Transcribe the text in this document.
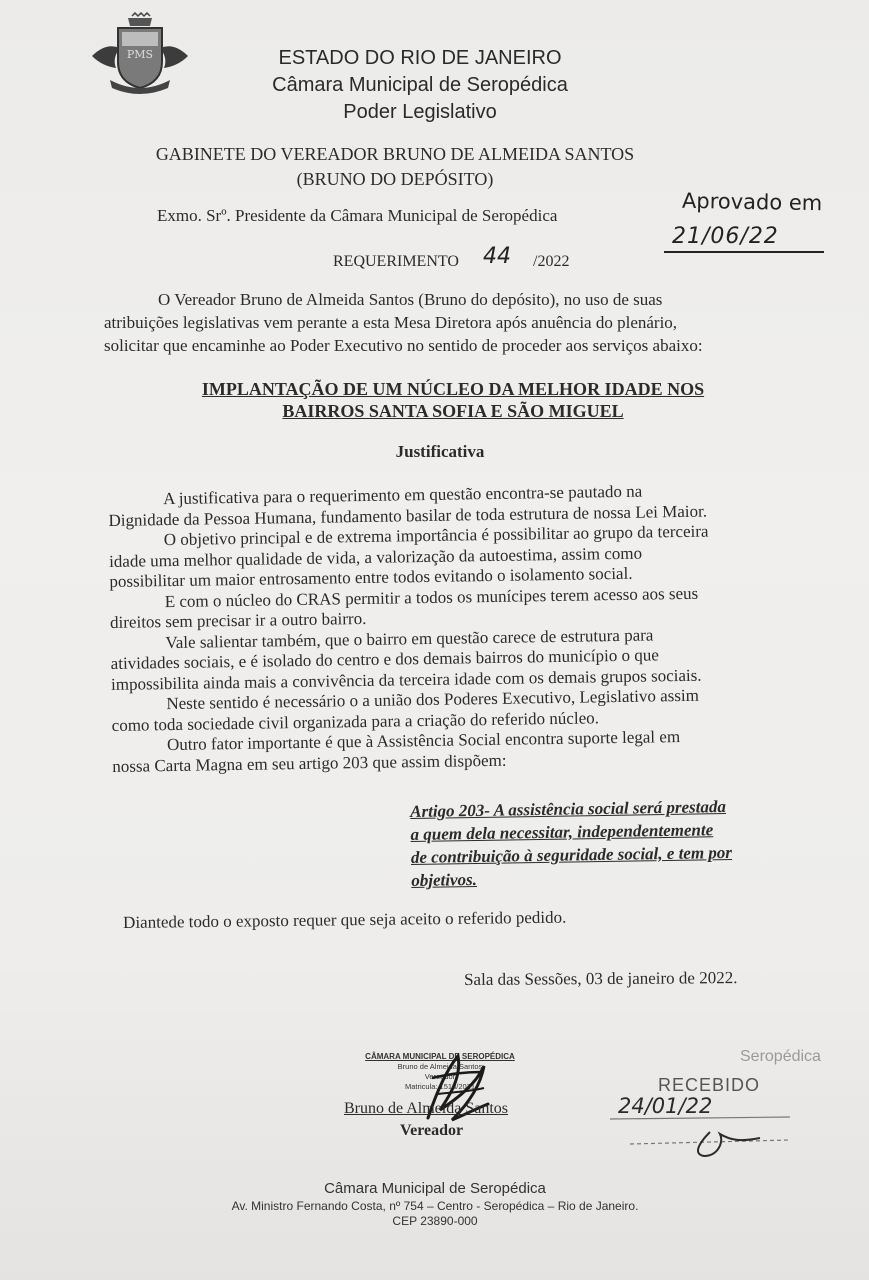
PMS	ESTADO DO RIO DE JANEIRO
Câmara Municipal de Seropédica
Poder Legislativo
GABINETE DO VEREADOR BRUNO DE ALMEIDA SANTOS
(BRUNO DO DEPÓSITO)
Exmo. Srº. Presidente da Câmara Municipal de Seropédica
Aprovado em
21/06/22
REQUERIMENTO 44 /2022
O Vereador Bruno de Almeida Santos (Bruno do depósito), no uso de suas
atribuições legislativas vem perante a esta Mesa Diretora após anuência do plenário,
solicitar que encaminhe ao Poder Executivo no sentido de proceder aos serviços abaixo:
IMPLANTAÇÃO DE UM NÚCLEO DA MELHOR IDADE NOS
BAIRROS SANTA SOFIA E SÃO MIGUEL
Justificativa
A justificativa para o requerimento em questão encontra-se pautado na
Dignidade da Pessoa Humana, fundamento basilar de toda estrutura de nossa Lei Maior.
O objetivo principal e de extrema importância é possibilitar ao grupo da terceira
idade uma melhor qualidade de vida, a valorização da autoestima, assim como
possibilitar um maior entrosamento entre todos evitando o isolamento social.
E com o núcleo do CRAS permitir a todos os munícipes terem acesso aos seus
direitos sem precisar ir a outro bairro.
Vale salientar também, que o bairro em questão carece de estrutura para
atividades sociais, e é isolado do centro e dos demais bairros do município o que
impossibilita ainda mais a convivência da terceira idade com os demais grupos sociais.
Neste sentido é necessário o a união dos Poderes Executivo, Legislativo assim
como toda sociedade civil organizada para a criação do referido núcleo.
Outro fator importante é que à Assistência Social encontra suporte legal em
nossa Carta Magna em seu artigo 203 que assim dispõem:
Artigo 203- A assistência social será prestada
a quem dela necessitar, independentemente
de contribuição à seguridade social, e tem por
objetivos.
Diantede todo o exposto requer que seja aceito o referido pedido.
Sala das Sessões, 03 de janeiro de 2022.
CÂMARA MUNICIPAL DE SEROPÉDICA
Bruno de Almeida Santos
Vereador
Matricula: 1518/2021
Bruno de Almeida Santos
Vereador
Seropédica
RECEBIDO
24/01/22
Câmara Municipal de Seropédica
Av. Ministro Fernando Costa, nº 754 – Centro - Seropédica – Rio de Janeiro.
CEP 23890-000
